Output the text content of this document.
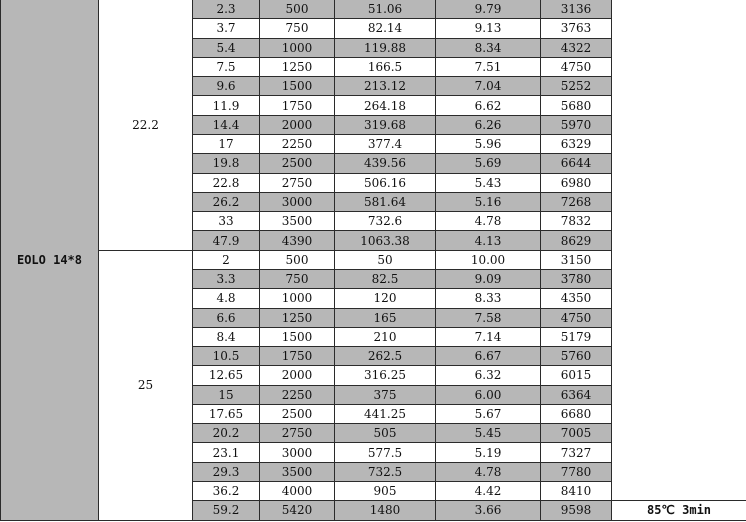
EOLO 14*8	22.2	2.3	500	51.06	9.79	3136	
		3.7	750	82.14	9.13	3763	
		5.4	1000	119.88	8.34	4322	
		7.5	1250	166.5	7.51	4750	
		9.6	1500	213.12	7.04	5252	
		11.9	1750	264.18	6.62	5680	
		14.4	2000	319.68	6.26	5970	
		17	2250	377.4	5.96	6329	
		19.8	2500	439.56	5.69	6644	
		22.8	2750	506.16	5.43	6980	
		26.2	3000	581.64	5.16	7268	
		33	3500	732.6	4.78	7832	
		47.9	4390	1063.38	4.13	8629	
	25	2	500	50	10.00	3150	
		3.3	750	82.5	9.09	3780	
		4.8	1000	120	8.33	4350	
		6.6	1250	165	7.58	4750	
		8.4	1500	210	7.14	5179	
		10.5	1750	262.5	6.67	5760	
		12.65	2000	316.25	6.32	6015	
		15	2250	375	6.00	6364	
		17.65	2500	441.25	5.67	6680	
		20.2	2750	505	5.45	7005	
		23.1	3000	577.5	5.19	7327	
		29.3	3500	732.5	4.78	7780	
		36.2	4000	905	4.42	8410	
		59.2	5420	1480	3.66	9598	85℃ 3min
